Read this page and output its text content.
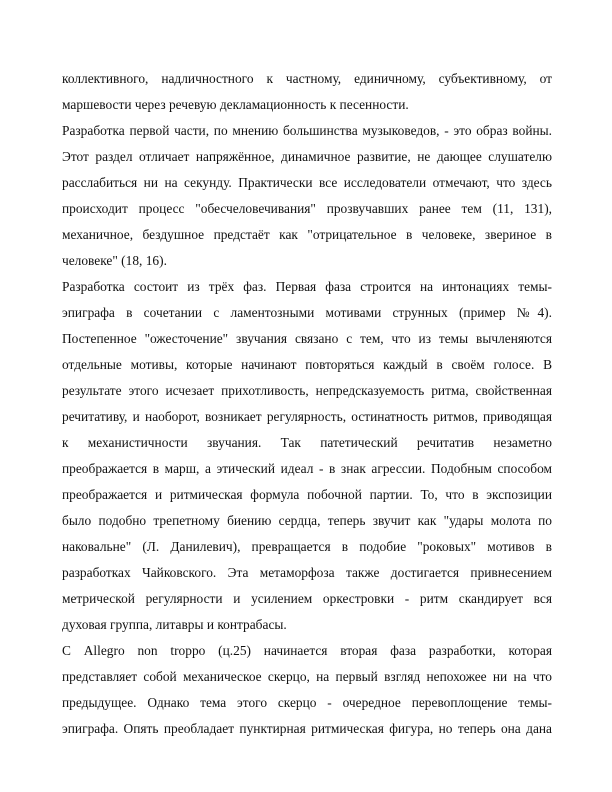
коллективного, надличностного к частному, единичному, субъективному, от
маршевости через речевую декламационность к песенности.
Разработка первой части, по мнению большинства музыковедов, - это образ войны.
Этот раздел отличает напряжённое, динамичное развитие, не дающее слушателю
расслабиться ни на секунду. Практически все исследователи отмечают, что здесь
происходит процесс "обесчеловечивания" прозвучавших ранее тем (11, 131),
механичное, бездушное предстаёт как "отрицательное в человеке, звериное в
человеке" (18, 16).
Разработка состоит из трёх фаз. Первая фаза строится на интонациях темы-
эпиграфа в сочетании с ламентозными мотивами струнных (пример №4).
Постепенное "ожесточение" звучания связано с тем, что из темы вычленяются
отдельные мотивы, которые начинают повторяться каждый в своём голосе. В
результате этого исчезает прихотливость, непредсказуемость ритма, свойственная
речитативу, и наоборот, возникает регулярность, остинатность ритмов, приводящая
к механистичности звучания. Так патетический речитатив незаметно
преображается в марш, а этический идеал - в знак агрессии. Подобным способом
преображается и ритмическая формула побочной партии. То, что в экспозиции
было подобно трепетному биению сердца, теперь звучит как "удары молота по
наковальне" (Л. Данилевич), превращается в подобие "роковых" мотивов в
разработках Чайковского. Эта метаморфоза также достигается привнесением
метрической регулярности и усилением оркестровки - ритм скандирует вся
духовая группа, литавры и контрабасы.
С Allegro non troppo (ц.25) начинается вторая фаза разработки, которая
представляет собой механическое скерцо, на первый взгляд непохожее ни на что
предыдущее. Однако тема этого скерцо - очередное перевоплощение темы-
эпиграфа. Опять преобладает пунктирная ритмическая фигура, но теперь она дана
